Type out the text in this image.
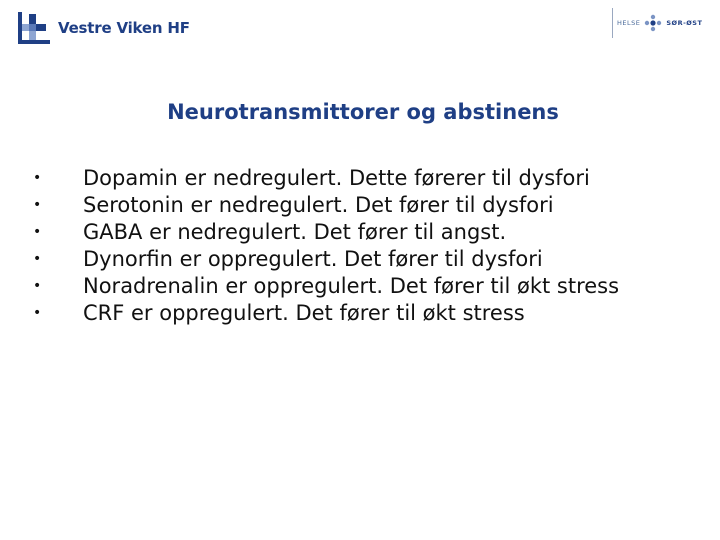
Vestre Viken HF	HELSE	SØR-ØST
Neurotransmittorer og abstinens
• Dopamin er nedregulert. Dette førerer til dysfori
• Serotonin er nedregulert. Det fører til dysfori
• GABA er nedregulert. Det fører til angst.
• Dynorfin er oppregulert. Det fører til dysfori
• Noradrenalin er oppregulert. Det fører til økt stress
• CRF er oppregulert. Det fører til økt stress
